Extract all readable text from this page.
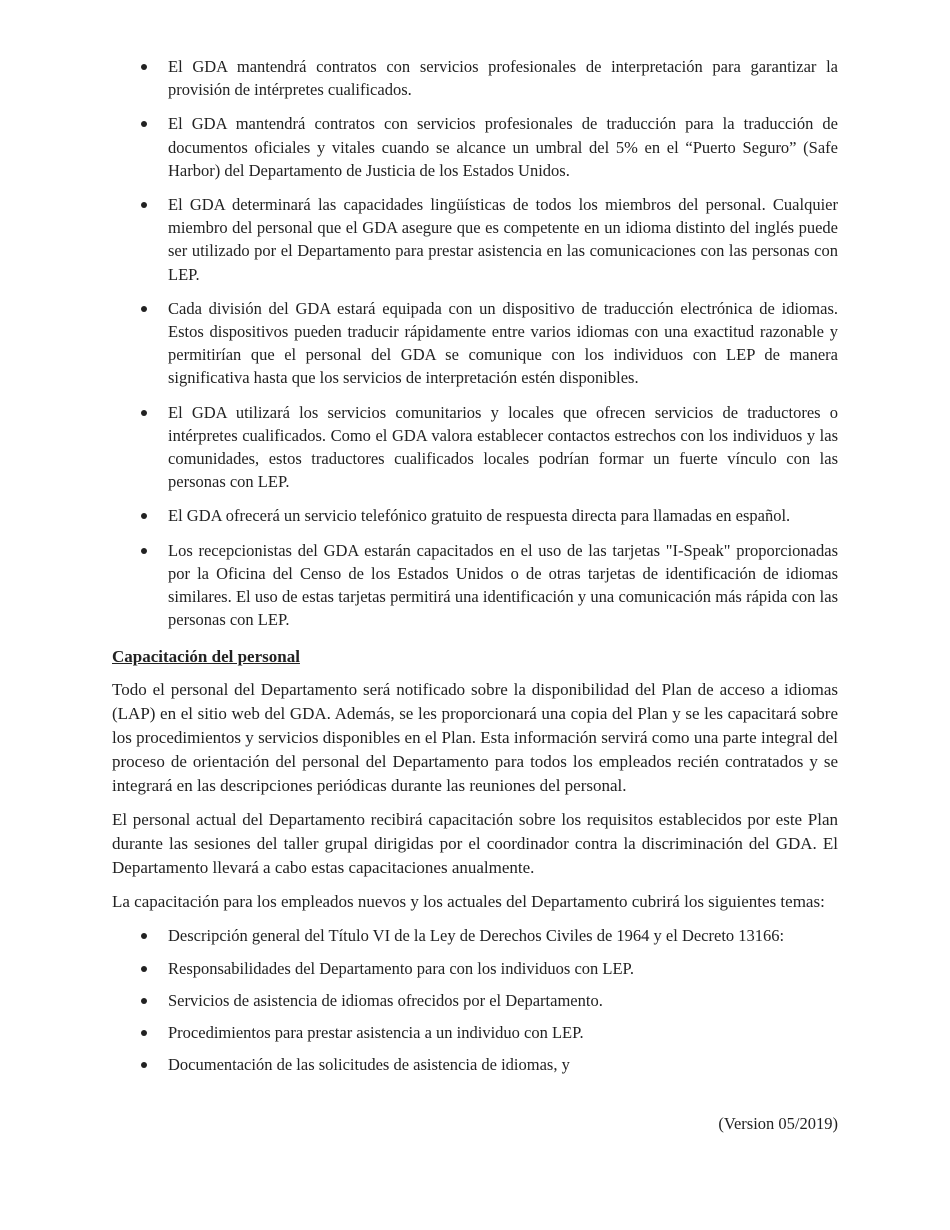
El GDA mantendrá contratos con servicios profesionales de interpretación para garantizar la provisión de intérpretes cualificados.
El GDA mantendrá contratos con servicios profesionales de traducción para la traducción de documentos oficiales y vitales cuando se alcance un umbral del 5% en el “Puerto Seguro” (Safe Harbor) del Departamento de Justicia de los Estados Unidos.
El GDA determinará las capacidades lingüísticas de todos los miembros del personal. Cualquier miembro del personal que el GDA asegure que es competente en un idioma distinto del inglés puede ser utilizado por el Departamento para prestar asistencia en las comunicaciones con las personas con LEP.
Cada división del GDA estará equipada con un dispositivo de traducción electrónica de idiomas. Estos dispositivos pueden traducir rápidamente entre varios idiomas con una exactitud razonable y permitirían que el personal del GDA se comunique con los individuos con LEP de manera significativa hasta que los servicios de interpretación estén disponibles.
El GDA utilizará los servicios comunitarios y locales que ofrecen servicios de traductores o intérpretes cualificados. Como el GDA valora establecer contactos estrechos con los individuos y las comunidades, estos traductores cualificados locales podrían formar un fuerte vínculo con las personas con LEP.
El GDA ofrecerá un servicio telefónico gratuito de respuesta directa para llamadas en español.
Los recepcionistas del GDA estarán capacitados en el uso de las tarjetas "I-Speak" proporcionadas por la Oficina del Censo de los Estados Unidos o de otras tarjetas de identificación de idiomas similares. El uso de estas tarjetas permitirá una identificación y una comunicación más rápida con las personas con LEP.
Capacitación del personal

Todo el personal del Departamento será notificado sobre la disponibilidad del Plan de acceso a idiomas (LAP) en el sitio web del GDA. Además, se les proporcionará una copia del Plan y se les capacitará sobre los procedimientos y servicios disponibles en el Plan. Esta información servirá como una parte integral del proceso de orientación del personal del Departamento para todos los empleados recién contratados y se integrará en las descripciones periódicas durante las reuniones del personal.

El personal actual del Departamento recibirá capacitación sobre los requisitos establecidos por este Plan durante las sesiones del taller grupal dirigidas por el coordinador contra la discriminación del GDA. El Departamento llevará a cabo estas capacitaciones anualmente.

La capacitación para los empleados nuevos y los actuales del Departamento cubrirá los siguientes temas:

Descripción general del Título VI de la Ley de Derechos Civiles de 1964 y el Decreto 13166:
Responsabilidades del Departamento para con los individuos con LEP.
Servicios de asistencia de idiomas ofrecidos por el Departamento.
Procedimientos para prestar asistencia a un individuo con LEP.
Documentación de las solicitudes de asistencia de idiomas, y
(Version 05/2019)
